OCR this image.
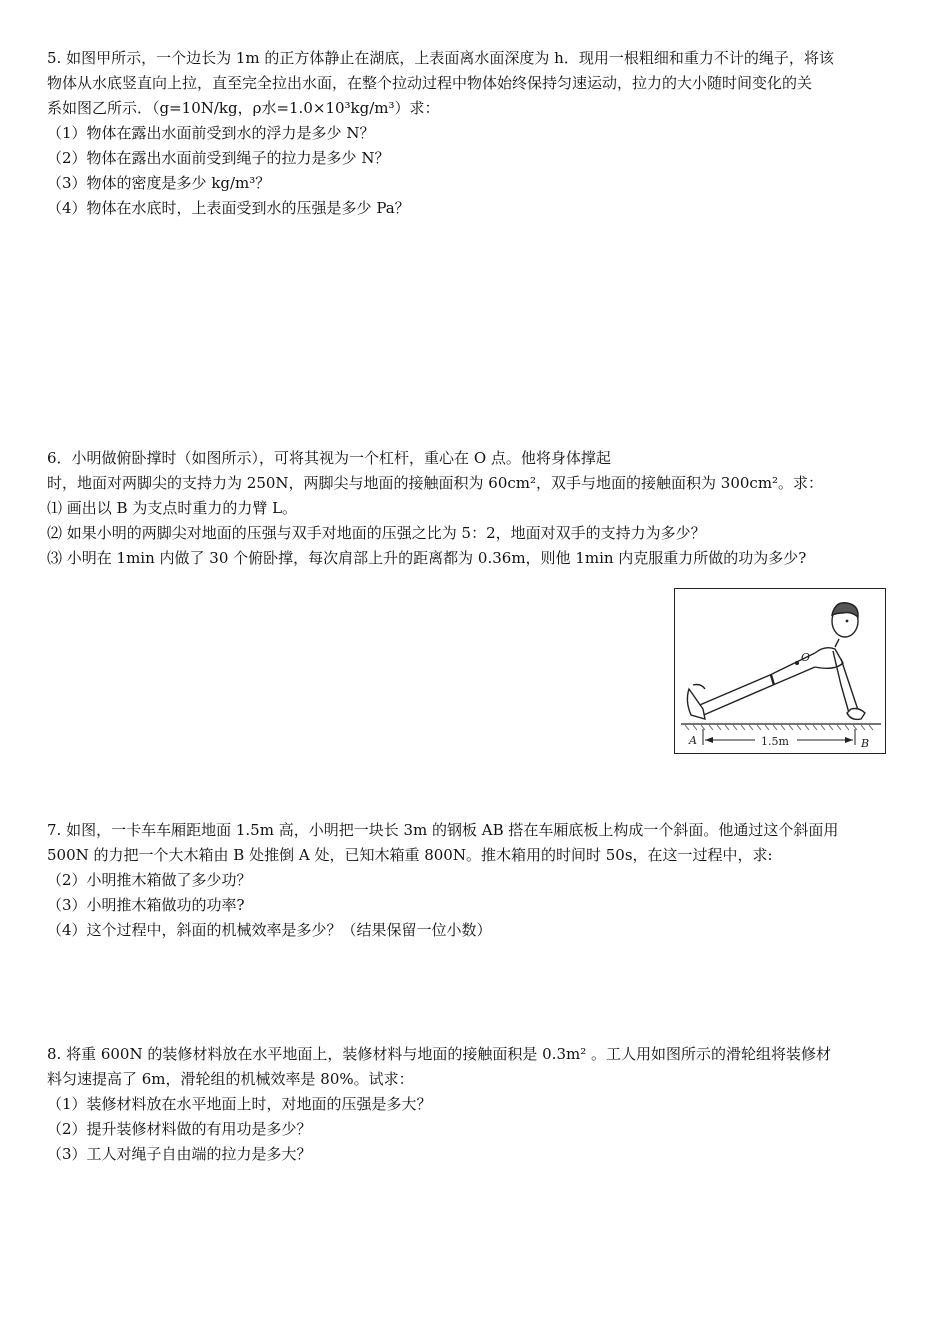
5. 如图甲所示，一个边长为 1m 的正方体静止在湖底，上表面离水面深度为 h．现用一根粗细和重力不计的绳子，将该
物体从水底竖直向上拉，直至完全拉出水面，在整个拉动过程中物体始终保持匀速运动，拉力的大小随时间变化的关
系如图乙所示．（g=10N/kg，ρ水=1.0×10³kg/m³）求：
（1）物体在露出水面前受到水的浮力是多少 N？
（2）物体在露出水面前受到绳子的拉力是多少 N？
（3）物体的密度是多少 kg/m³？
（4）物体在水底时，上表面受到水的压强是多少 Pa？
6．小明做俯卧撑时（如图所示），可将其视为一个杠杆，重心在 O 点。他将身体撑起
时，地面对两脚尖的支持力为 250N，两脚尖与地面的接触面积为 60cm²，双手与地面的接触面积为 300cm²。求：
⑴ 画出以 B 为支点时重力的力臂 L。
⑵ 如果小明的两脚尖对地面的压强与双手对地面的压强之比为 5：2，地面对双手的支持力为多少？
⑶ 小明在 1min 内做了 30 个俯卧撑，每次肩部上升的距离都为 0.36m，则他 1min 内克服重力所做的功为多少?
O
A	B
1.5m
7. 如图，一卡车车厢距地面 1.5m 高，小明把一块长 3m 的钢板 AB 搭在车厢底板上构成一个斜面。他通过这个斜面用
500N 的力把一个大木箱由 B 处推倒 A 处，已知木箱重 800N。推木箱用的时间时 50s，在这一过程中，求:
（2）小明推木箱做了多少功？
（3）小明推木箱做功的功率?
（4）这个过程中，斜面的机械效率是多少？（结果保留一位小数）
8. 将重 600N 的装修材料放在水平地面上，装修材料与地面的接触面积是 0.3m² 。工人用如图所示的滑轮组将装修材
料匀速提高了 6m，滑轮组的机械效率是 80%。试求：
（1）装修材料放在水平地面上时，对地面的压强是多大？
（2）提升装修材料做的有用功是多少？
（3）工人对绳子自由端的拉力是多大？
